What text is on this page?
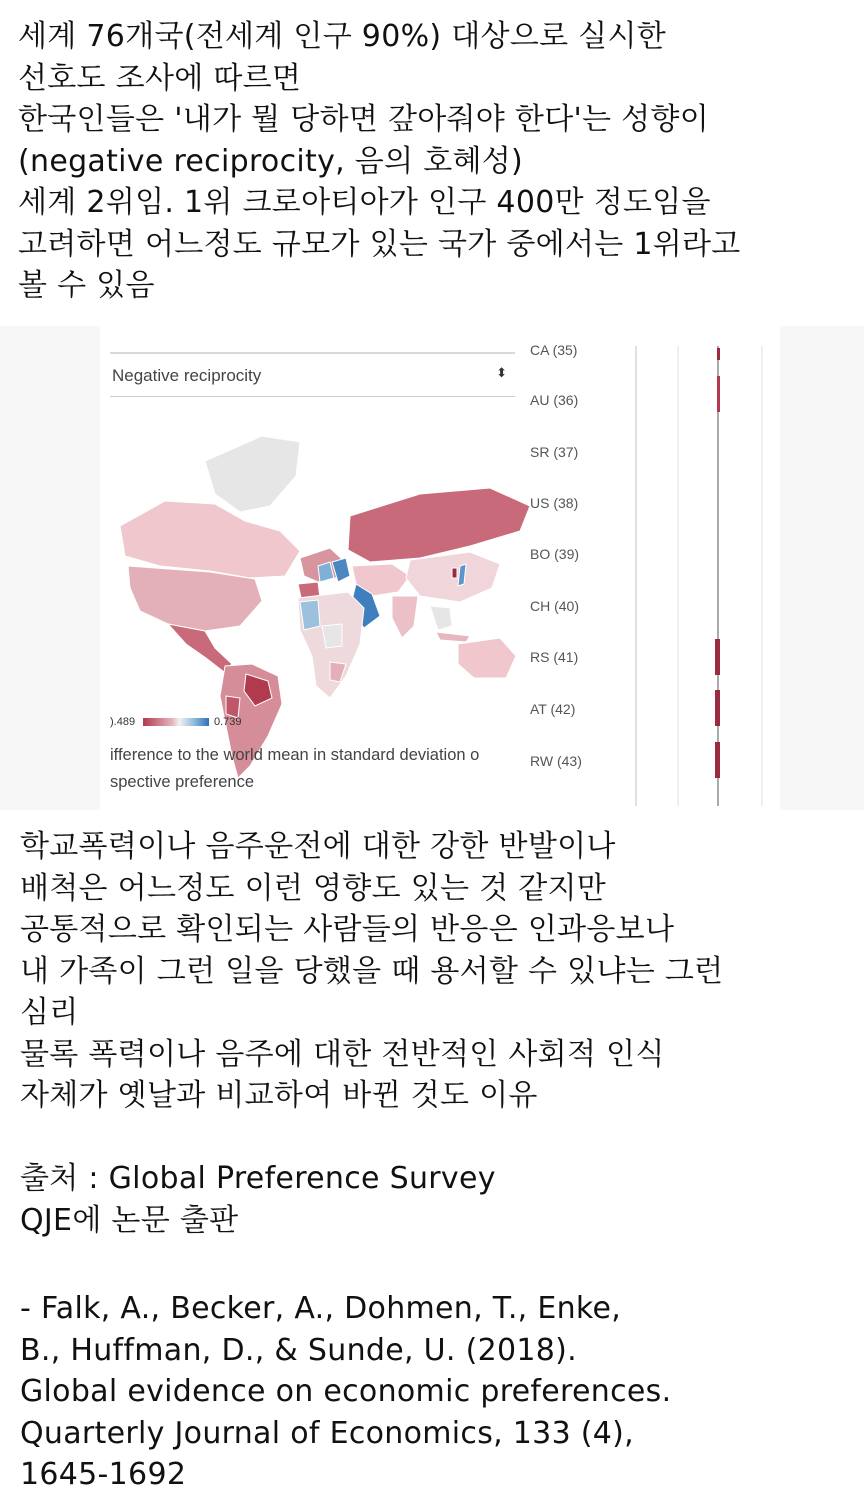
세계 76개국(전세계 인구 90%) 대상으로 실시한
선호도 조사에 따르면
한국인들은 '내가 뭘 당하면 갚아줘야 한다'는 성향이
(negative reciprocity, 음의 호혜성)
세계 2위임. 1위 크로아티아가 인구 400만 정도임을
고려하면 어느정도 규모가 있는 국가 중에서는 1위라고
볼 수 있음
Negative reciprocity	⬍
).489	0.739
ifference to the world mean in standard deviation o
spective preference
CA (35)
AU (36)
SR (37)
US (38)
BO (39)
CH (40)
RS (41)
AT (42)
RW (43)
학교폭력이나 음주운전에 대한 강한 반발이나
배척은 어느정도 이런 영향도 있는 것 같지만
공통적으로 확인되는 사람들의 반응은 인과응보나
내 가족이 그런 일을 당했을 때 용서할 수 있냐는 그런
심리
물록 폭력이나 음주에 대한 전반적인 사회적 인식
자체가 옛날과 비교하여 바뀐 것도 이유
출처 : Global Preference Survey
QJE에 논문 출판
- Falk, A., Becker, A., Dohmen, T., Enke,
B., Huffman, D., & Sunde, U. (2018).
Global evidence on economic preferences.
Quarterly Journal of Economics, 133 (4),
1645-1692
